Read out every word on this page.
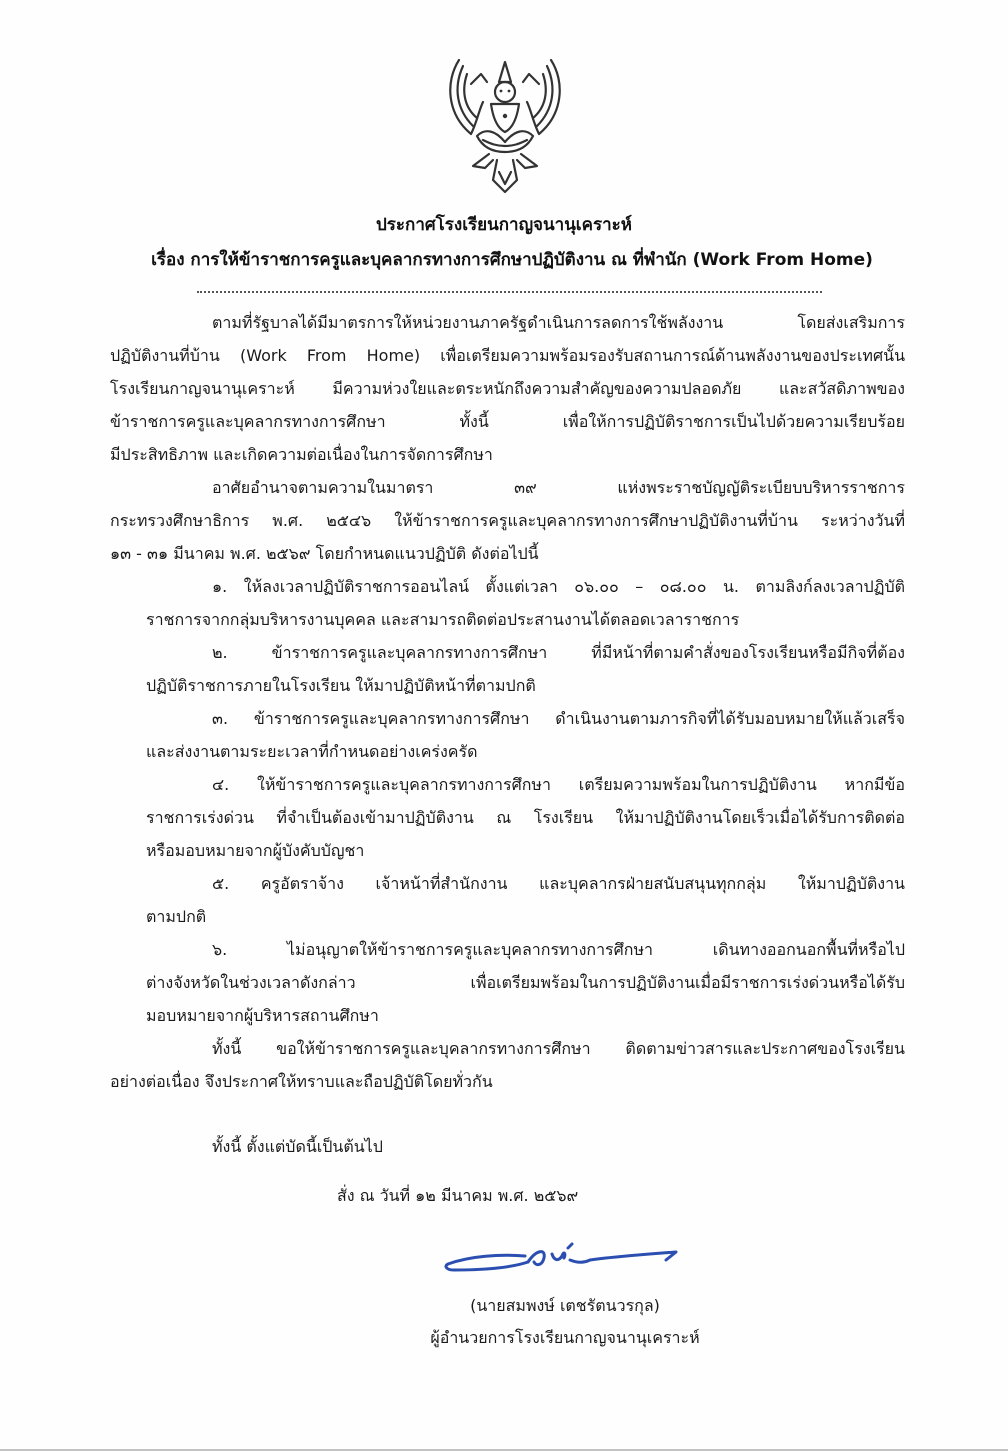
ประกาศโรงเรียนกาญจนานุเคราะห์
เรื่อง การให้ข้าราชการครูและบุคลากรทางการศึกษาปฏิบัติงาน ณ ที่พำนัก (Work From Home)
ตามที่รัฐบาลได้มีมาตรการให้หน่วยงานภาครัฐดำเนินการลดการใช้พลังงาน โดยส่งเสริมการ
ปฏิบัติงานที่บ้าน (Work From Home) เพื่อเตรียมความพร้อมรองรับสถานการณ์ด้านพลังงานของประเทศนั้น
โรงเรียนกาญจนานุเคราะห์ มีความห่วงใยและตระหนักถึงความสำคัญของความปลอดภัย และสวัสดิภาพของ
ข้าราชการครูและบุคลากรทางการศึกษา ทั้งนี้ เพื่อให้การปฏิบัติราชการเป็นไปด้วยความเรียบร้อย
มีประสิทธิภาพ และเกิดความต่อเนื่องในการจัดการศึกษา
อาศัยอำนาจตามความในมาตรา ๓๙ แห่งพระราชบัญญัติระเบียบบริหารราชการ
กระทรวงศึกษาธิการ พ.ศ. ๒๕๔๖ ให้ข้าราชการครูและบุคลากรทางการศึกษาปฏิบัติงานที่บ้าน ระหว่างวันที่
๑๓ - ๓๑ มีนาคม พ.ศ. ๒๕๖๙ โดยกำหนดแนวปฏิบัติ ดังต่อไปนี้
๑. ให้ลงเวลาปฏิบัติราชการออนไลน์ ตั้งแต่เวลา ๐๖.๐๐ – ๐๘.๐๐ น. ตามลิงก์ลงเวลาปฏิบัติ
ราชการจากกลุ่มบริหารงานบุคคล และสามารถติดต่อประสานงานได้ตลอดเวลาราชการ
๒.	ข้าราชการครูและบุคลากรทางการศึกษา ที่มีหน้าที่ตามคำสั่งของโรงเรียนหรือมีกิจที่ต้อง
ปฏิบัติราชการภายในโรงเรียน ให้มาปฏิบัติหน้าที่ตามปกติ
๓. ข้าราชการครูและบุคลากรทางการศึกษา ดำเนินงานตามภารกิจที่ได้รับมอบหมายให้แล้วเสร็จ
และส่งงานตามระยะเวลาที่กำหนดอย่างเคร่งครัด
๔. ให้ข้าราชการครูและบุคลากรทางการศึกษา เตรียมความพร้อมในการปฏิบัติงาน หากมีข้อ
ราชการเร่งด่วน ที่จำเป็นต้องเข้ามาปฏิบัติงาน ณ โรงเรียน ให้มาปฏิบัติงานโดยเร็วเมื่อได้รับการติดต่อ
หรือมอบหมายจากผู้บังคับบัญชา
๕. ครูอัตราจ้าง เจ้าหน้าที่สำนักงาน และบุคลากรฝ่ายสนับสนุนทุกกลุ่ม ให้มาปฏิบัติงาน
ตามปกติ
๖.	ไม่อนุญาตให้ข้าราชการครูและบุคลากรทางการศึกษา เดินทางออกนอกพื้นที่หรือไป
ต่างจังหวัดในช่วงเวลาดังกล่าว เพื่อเตรียมพร้อมในการปฏิบัติงานเมื่อมีราชการเร่งด่วนหรือได้รับ
มอบหมายจากผู้บริหารสถานศึกษา
ทั้งนี้ ขอให้ข้าราชการครูและบุคลากรทางการศึกษา ติดตามข่าวสารและประกาศของโรงเรียน
อย่างต่อเนื่อง จึงประกาศให้ทราบและถือปฏิบัติโดยทั่วกัน
ทั้งนี้ ตั้งแต่บัดนี้เป็นต้นไป
สั่ง ณ วันที่ ๑๒ มีนาคม พ.ศ. ๒๕๖๙
(นายสมพงษ์ เตชรัตนวรกุล)
ผู้อำนวยการโรงเรียนกาญจนานุเคราะห์
